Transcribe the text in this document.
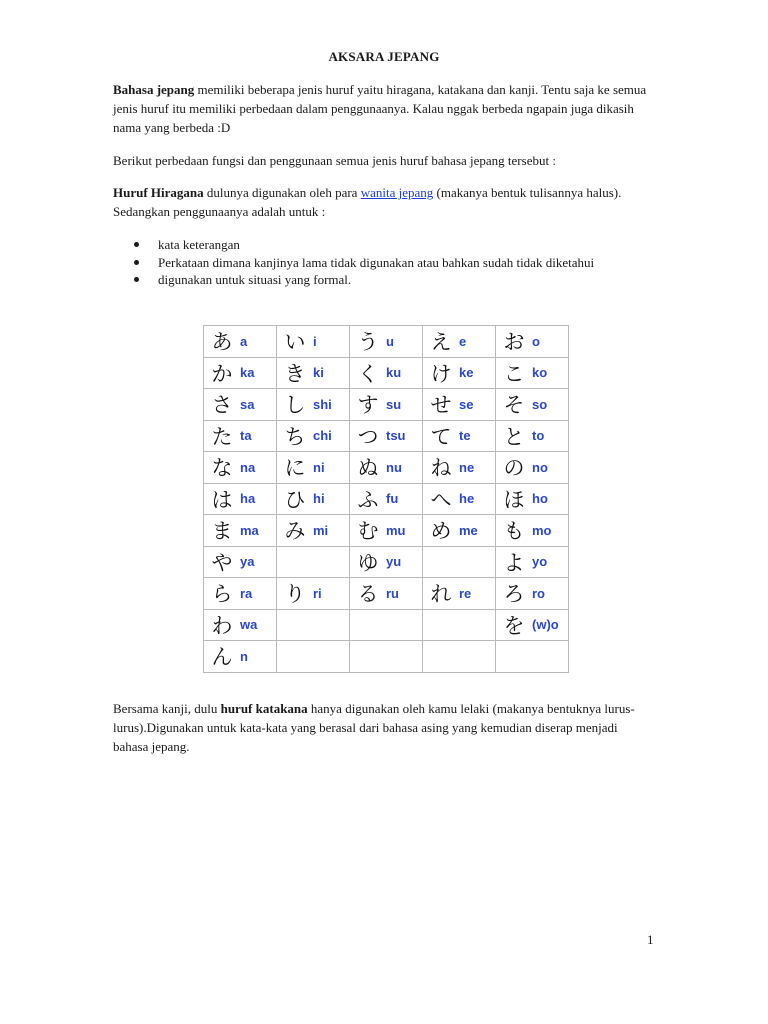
AKSARA JEPANG
Bahasa jepang memiliki beberapa jenis huruf yaitu hiragana, katakana dan kanji. Tentu saja ke semua jenis huruf itu memiliki perbedaan dalam penggunaanya. Kalau nggak berbeda ngapain juga dikasih nama yang berbeda :D
Berikut perbedaan fungsi dan penggunaan semua jenis huruf bahasa jepang tersebut :
Huruf Hiragana dulunya digunakan oleh para wanita jepang (makanya bentuk tulisannya halus). Sedangkan penggunaanya adalah untuk :
kata keterangan
Perkataan dimana kanjinya lama tidak digunakan atau bahkan sudah tidak diketahui
digunakan untuk situasi yang formal.
あ a	い i	う u	え e	お o
か ka	き ki	く ku	け ke	こ ko
さ sa	し shi	す su	せ se	そ so
た ta	ち chi	つ tsu	て te	と to
な na	に ni	ぬ nu	ね ne	の no
は ha	ひ hi	ふ fu	へ he	ほ ho
ま ma	み mi	む mu	め me	も mo
や ya		ゆ yu		よ yo
ら ra	り ri	る ru	れ re	ろ ro
わ wa				を (w)o
ん n				
Bersama kanji, dulu huruf katakana hanya digunakan oleh kamu lelaki (makanya bentuknya lurus-lurus).Digunakan untuk kata-kata yang berasal dari bahasa asing yang kemudian diserap menjadi bahasa jepang.
1
